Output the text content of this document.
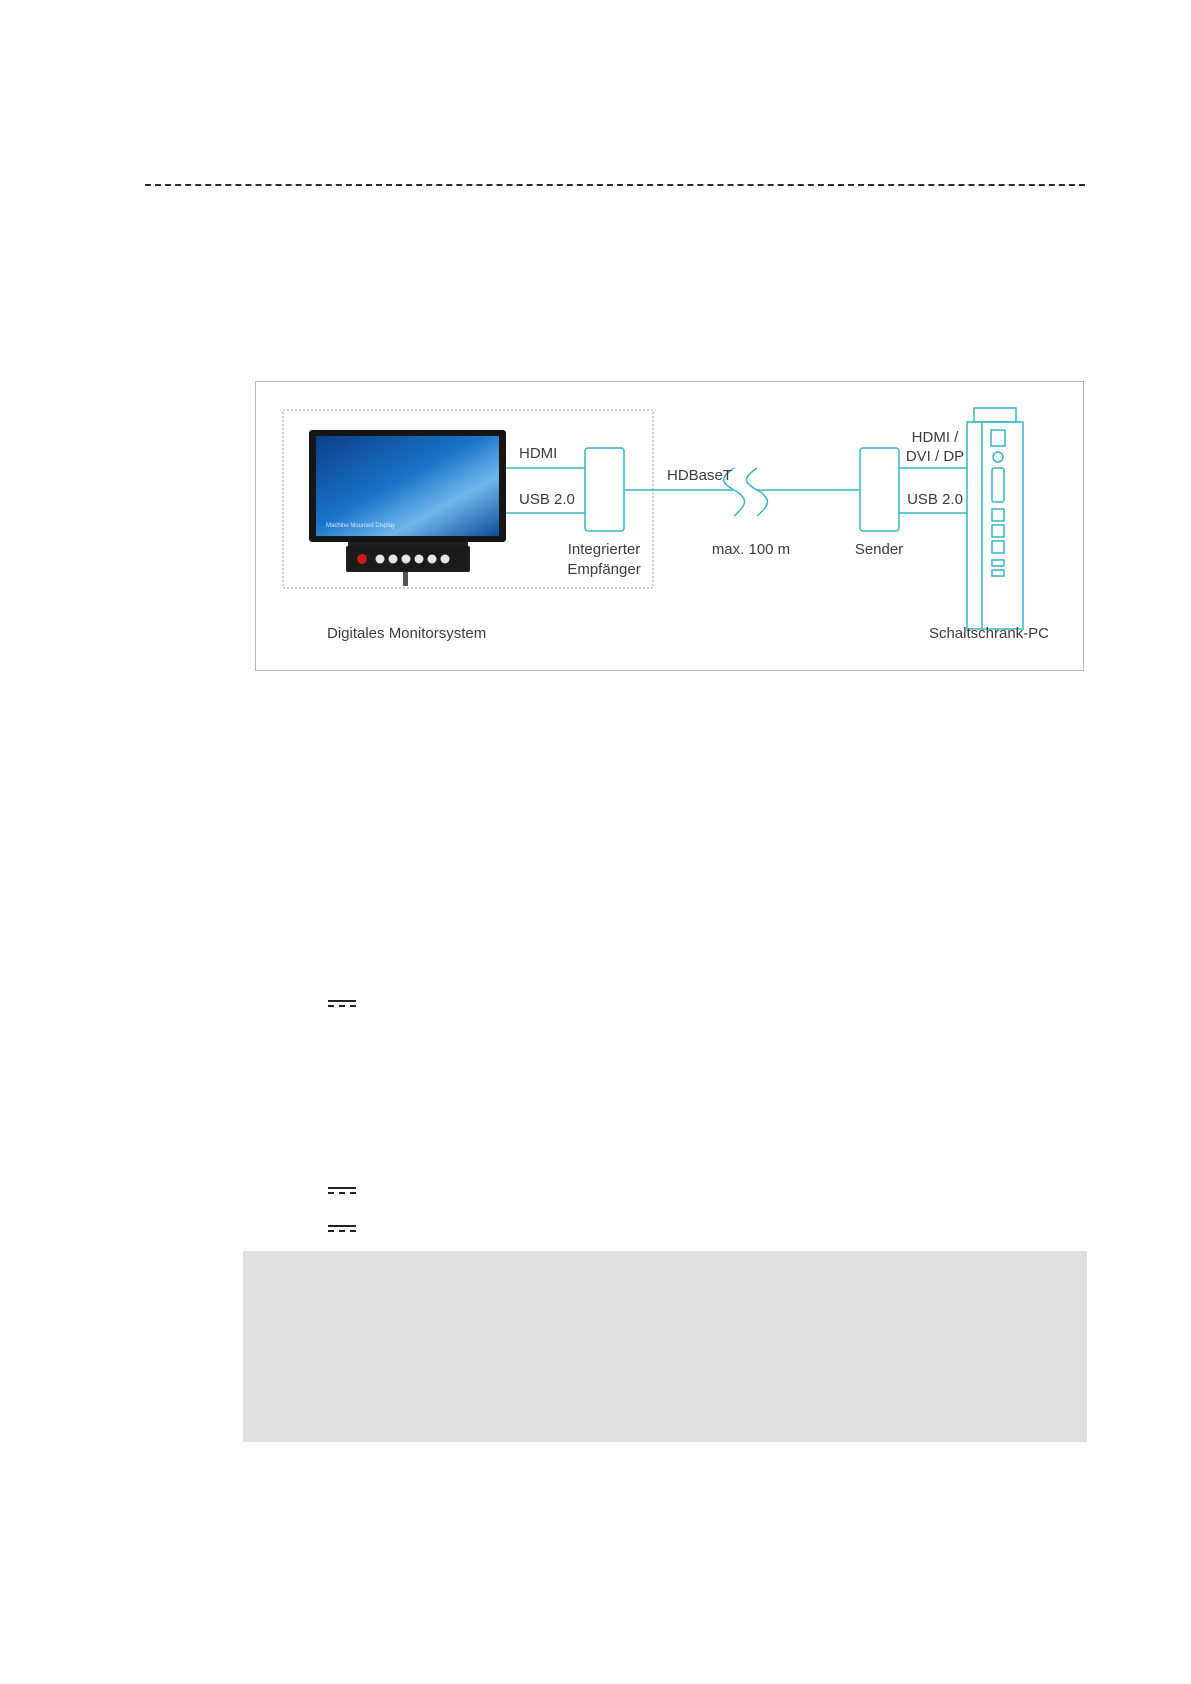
Machine Mounted Display
HDMI
USB 2.0
Integrierter
Empfänger
HDBaseT
max. 100 m	Sender
HDMI /
DVI / DP
USB 2.0
Digitales Monitorsystem	Schaltschrank-PC
